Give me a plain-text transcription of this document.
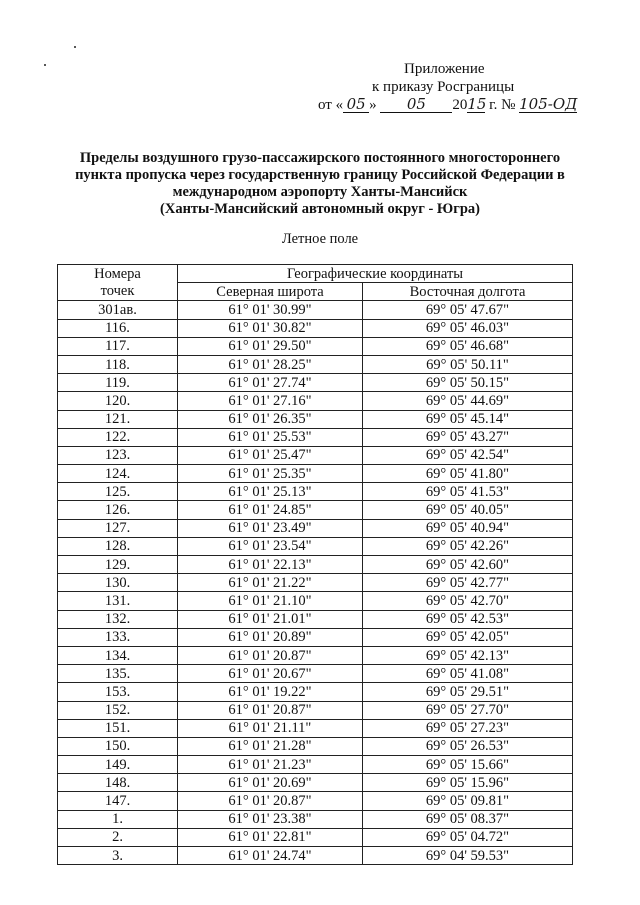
Приложение
к приказу Росграницы
от « 05 » 05 2015 г. № 105-ОД
Пределы воздушного грузо-пассажирского постоянного многостороннего
пункта пропуска через государственную границу Российской Федерации в
международном аэропорту Ханты-Мансийск
(Ханты-Мансийский автономный округ - Югра)
Летное поле
Номера
точек	Географические координаты	
	Северная широта	Восточная долгота
301ав.	61° 01' 30.99"	69° 05' 47.67"
116.	61° 01' 30.82"	69° 05' 46.03"
117.	61° 01' 29.50"	69° 05' 46.68"
118.	61° 01' 28.25"	69° 05' 50.11"
119.	61° 01' 27.74"	69° 05' 50.15"
120.	61° 01' 27.16"	69° 05' 44.69"
121.	61° 01' 26.35"	69° 05' 45.14"
122.	61° 01' 25.53"	69° 05' 43.27"
123.	61° 01' 25.47"	69° 05' 42.54"
124.	61° 01' 25.35"	69° 05' 41.80"
125.	61° 01' 25.13"	69° 05' 41.53"
126.	61° 01' 24.85"	69° 05' 40.05"
127.	61° 01' 23.49"	69° 05' 40.94"
128.	61° 01' 23.54"	69° 05' 42.26"
129.	61° 01' 22.13"	69° 05' 42.60"
130.	61° 01' 21.22"	69° 05' 42.77"
131.	61° 01' 21.10"	69° 05' 42.70"
132.	61° 01' 21.01"	69° 05' 42.53"
133.	61° 01' 20.89"	69° 05' 42.05"
134.	61° 01' 20.87"	69° 05' 42.13"
135.	61° 01' 20.67"	69° 05' 41.08"
153.	61° 01' 19.22"	69° 05' 29.51"
152.	61° 01' 20.87"	69° 05' 27.70"
151.	61° 01' 21.11"	69° 05' 27.23"
150.	61° 01' 21.28"	69° 05' 26.53"
149.	61° 01' 21.23"	69° 05' 15.66"
148.	61° 01' 20.69"	69° 05' 15.96"
147.	61° 01' 20.87"	69° 05' 09.81"
1.	61° 01' 23.38"	69° 05' 08.37"
2.	61° 01' 22.81"	69° 05' 04.72"
3.	61° 01' 24.74"	69° 04' 59.53"
